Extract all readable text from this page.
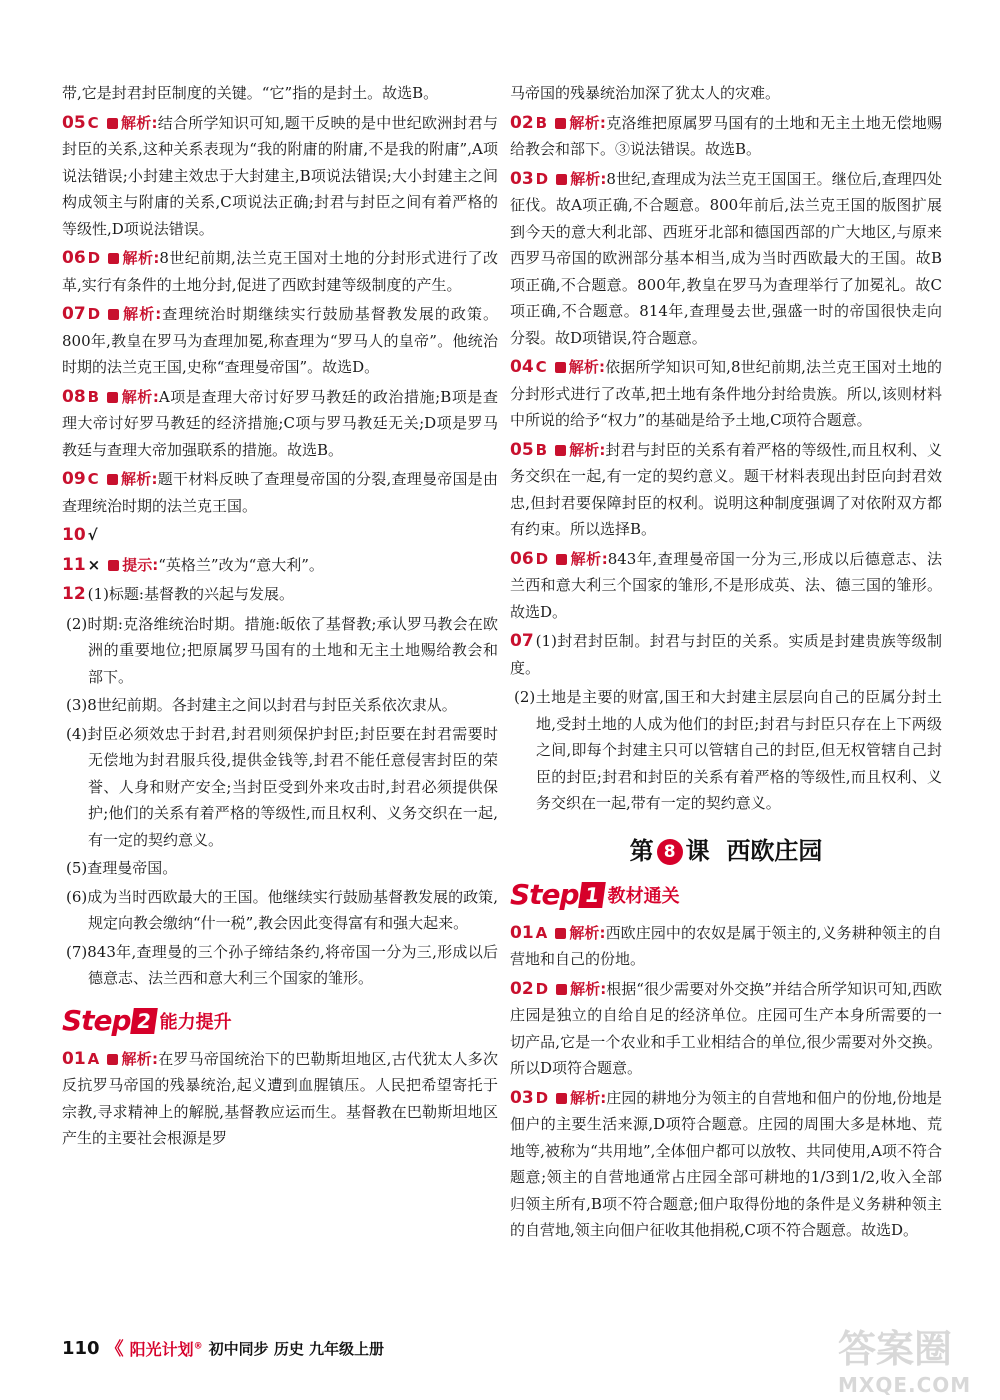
带,它是封君封臣制度的关键。“它”指的是封土。故选B。

05 C 解析:结合所学知识可知,题干反映的是中世纪欧洲封君与封臣的关系,这种关系表现为“我的附庸的附庸,不是我的附庸”,A项说法错误;小封建主效忠于大封建主,B项说法错误;大小封建主之间构成领主与附庸的关系,C项说法正确;封君与封臣之间有着严格的等级性,D项说法错误。

06 D 解析:8世纪前期,法兰克王国对土地的分封形式进行了改革,实行有条件的土地分封,促进了西欧封建等级制度的产生。

07 D 解析:查理统治时期继续实行鼓励基督教发展的政策。800年,教皇在罗马为查理加冕,称查理为“罗马人的皇帝”。他统治时期的法兰克王国,史称“查理曼帝国”。故选D。

08 B 解析:A项是查理大帝讨好罗马教廷的政治措施;B项是查理大帝讨好罗马教廷的经济措施;C项与罗马教廷无关;D项是罗马教廷与查理大帝加强联系的措施。故选B。

09 C 解析:题干材料反映了查理曼帝国的分裂,查理曼帝国是由查理统治时期的法兰克王国。

10 √

11 × 提示:“英格兰”改为“意大利”。

12 (1)标题:基督教的兴起与发展。

(2)时期:克洛维统治时期。措施:皈依了基督教;承认罗马教会在欧洲的重要地位;把原属罗马国有的土地和无主土地赐给教会和部下。

(3)8世纪前期。各封建主之间以封君与封臣关系依次隶从。

(4)封臣必须效忠于封君,封君则须保护封臣;封臣要在封君需要时无偿地为封君服兵役,提供金钱等,封君不能任意侵害封臣的荣誉、人身和财产安全;当封臣受到外来攻击时,封君必须提供保护;他们的关系有着严格的等级性,而且权利、义务交织在一起,有一定的契约意义。

(5)查理曼帝国。

(6)成为当时西欧最大的王国。他继续实行鼓励基督教发展的政策,规定向教会缴纳“什一税”,教会因此变得富有和强大起来。

(7)843年,查理曼的三个孙子缔结条约,将帝国一分为三,形成以后德意志、法兰西和意大利三个国家的雏形。

Step 2 能力提升

01 A 解析:在罗马帝国统治下的巴勒斯坦地区,古代犹太人多次反抗罗马帝国的残暴统治,起义遭到血腥镇压。人民把希望寄托于宗教,寻求精神上的解脱,基督教应运而生。基督教在巴勒斯坦地区产生的主要社会根源是罗

马帝国的残暴统治加深了犹太人的灾难。

02 B 解析:克洛维把原属罗马国有的土地和无主土地无偿地赐给教会和部下。③说法错误。故选B。

03 D 解析:8世纪,查理成为法兰克王国国王。继位后,查理四处征伐。故A项正确,不合题意。800年前后,法兰克王国的版图扩展到今天的意大利北部、西班牙北部和德国西部的广大地区,与原来西罗马帝国的欧洲部分基本相当,成为当时西欧最大的王国。故B项正确,不合题意。800年,教皇在罗马为查理举行了加冕礼。故C项正确,不合题意。814年,查理曼去世,强盛一时的帝国很快走向分裂。故D项错误,符合题意。

04 C 解析:依据所学知识可知,8世纪前期,法兰克王国对土地的分封形式进行了改革,把土地有条件地分封给贵族。所以,该则材料中所说的给予“权力”的基础是给予土地,C项符合题意。

05 B 解析:封君与封臣的关系有着严格的等级性,而且权利、义务交织在一起,有一定的契约意义。题干材料表现出封臣向封君效忠,但封君要保障封臣的权利。说明这种制度强调了对依附双方都有约束。所以选择B。

06 D 解析:843年,查理曼帝国一分为三,形成以后德意志、法兰西和意大利三个国家的雏形,不是形成英、法、德三国的雏形。故选D。

07 (1)封君封臣制。封君与封臣的关系。实质是封建贵族等级制度。

(2)土地是主要的财富,国王和大封建主层层向自己的臣属分封土地,受封土地的人成为他们的封臣;封君与封臣只存在上下两级之间,即每个封建主只可以管辖自己的封臣,但无权管辖自己封臣的封臣;封君和封臣的关系有着严格的等级性,而且权利、义务交织在一起,带有一定的契约意义。

第 8 课 西欧庄园
Step 1 教材通关

01 A 解析:西欧庄园中的农奴是属于领主的,义务耕种领主的自营地和自己的份地。

02 D 解析:根据“很少需要对外交换”并结合所学知识可知,西欧庄园是独立的自给自足的经济单位。庄园可生产本身所需要的一切产品,它是一个农业和手工业相结合的单位,很少需要对外交换。所以D项符合题意。

03 D 解析:庄园的耕地分为领主的自营地和佃户的份地,份地是佃户的主要生活来源,D项符合题意。庄园的周围大多是林地、荒地等,被称为“共用地”,全体佃户都可以放牧、共同使用,A项不符合题意;领主的自营地通常占庄园全部可耕地的1/3到1/2,收入全部归领主所有,B项不符合题意;佃户取得份地的条件是义务耕种领主的自营地,领主向佃户征收其他捐税,C项不符合题意。故选D。

110 《 阳光计划® 初中同步 历史 九年级上册	答案圈
MXQE.COM
